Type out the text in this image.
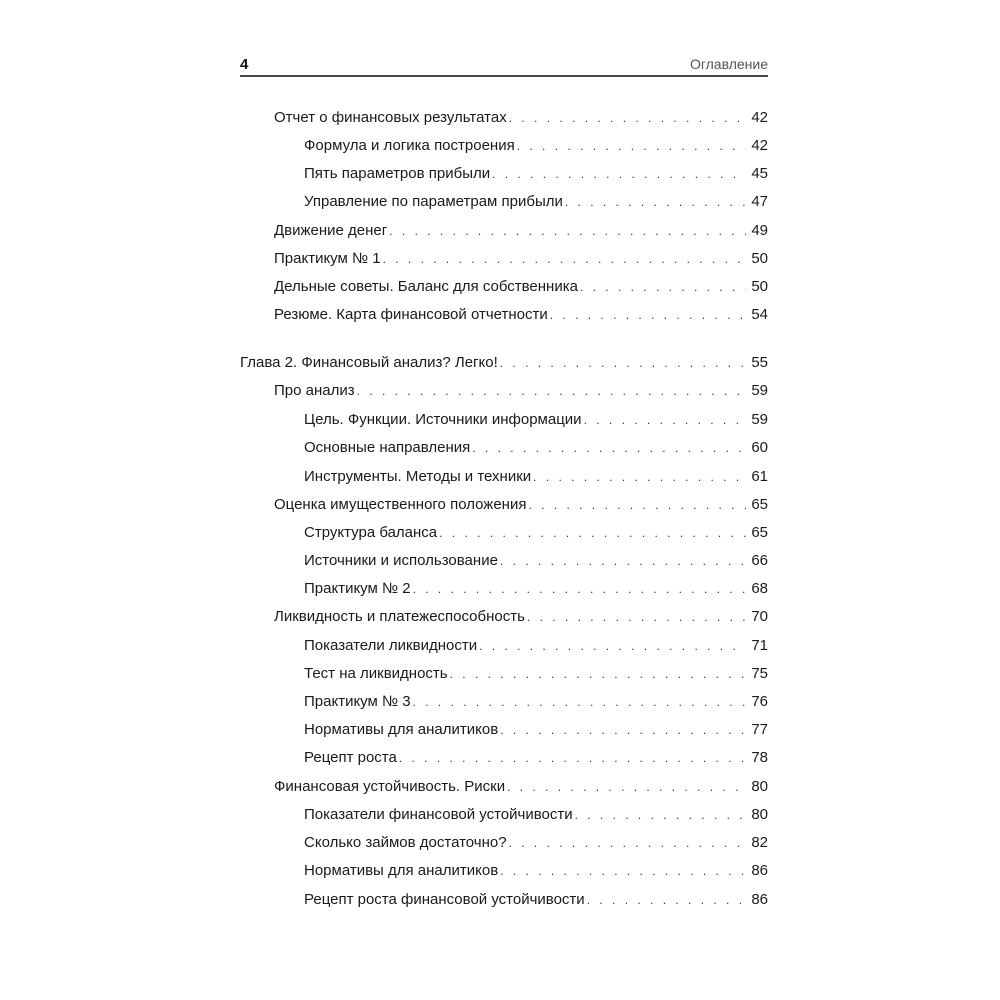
4	Оглавление
Отчет о финансовых результатах . . .	42
Формула и логика построения . . .	42
Пять параметров прибыли . . .	45
Управление по параметрам прибыли . . .	47
Движение денег . . .	49
Практикум № 1 . . .	50
Дельные советы. Баланс для собственника . . .	50
Резюме. Карта финансовой отчетности . . .	54
Глава 2. Финансовый анализ? Легко! . . .	55
Про анализ . . .	59
Цель. Функции. Источники информации . . .	59
Основные направления . . .	60
Инструменты. Методы и техники . . .	61
Оценка имущественного положения . . .	65
Структура баланса . . .	65
Источники и использование . . .	66
Практикум № 2 . . .	68
Ликвидность и платежеспособность . . .	70
Показатели ликвидности . . .	71
Тест на ликвидность . . .	75
Практикум № 3 . . .	76
Нормативы для аналитиков . . .	77
Рецепт роста . . .	78
Финансовая устойчивость. Риски . . .	80
Показатели финансовой устойчивости . . .	80
Сколько займов достаточно? . . .	82
Нормативы для аналитиков . . .	86
Рецепт роста финансовой устойчивости . . .	86
